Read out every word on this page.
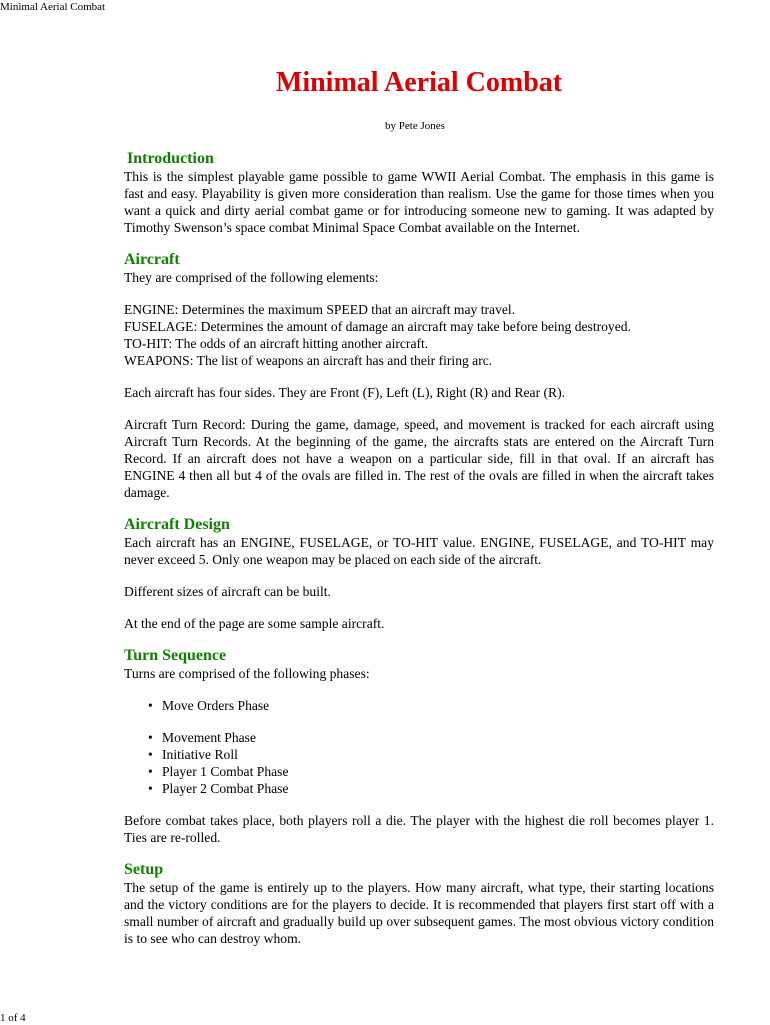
Minimal Aerial Combat
Minimal Aerial Combat
by Pete Jones
Introduction

This is the simplest playable game possible to game WWII Aerial Combat. The emphasis in this game is fast and easy. Playability is given more consideration than realism. Use the game for those times when you want a quick and dirty aerial combat game or for introducing someone new to gaming. It was adapted by Timothy Swenson’s space combat Minimal Space Combat available on the Internet.

Aircraft

They are comprised of the following elements:

ENGINE: Determines the maximum SPEED that an aircraft may travel.

FUSELAGE: Determines the amount of damage an aircraft may take before being destroyed.

TO-HIT: The odds of an aircraft hitting another aircraft.

WEAPONS: The list of weapons an aircraft has and their firing arc.

Each aircraft has four sides. They are Front (F), Left (L), Right (R) and Rear (R).

Aircraft Turn Record: During the game, damage, speed, and movement is tracked for each aircraft using Aircraft Turn Records. At the beginning of the game, the aircrafts stats are entered on the Aircraft Turn Record. If an aircraft does not have a weapon on a particular side, fill in that oval. If an aircraft has ENGINE 4 then all but 4 of the ovals are filled in. The rest of the ovals are filled in when the aircraft takes damage.

Aircraft Design

Each aircraft has an ENGINE, FUSELAGE, or TO-HIT value. ENGINE, FUSELAGE, and TO-HIT may never exceed 5. Only one weapon may be placed on each side of the aircraft.

Different sizes of aircraft can be built.

At the end of the page are some sample aircraft.

Turn Sequence

Turns are comprised of the following phases:

• Move Orders Phase
• Movement Phase
• Initiative Roll
• Player 1 Combat Phase
• Player 2 Combat Phase

Before combat takes place, both players roll a die. The player with the highest die roll becomes player 1. Ties are re-rolled.

Setup

The setup of the game is entirely up to the players. How many aircraft, what type, their starting locations and the victory conditions are for the players to decide. It is recommended that players first start off with a small number of aircraft and gradually build up over subsequent games. The most obvious victory condition is to see who can destroy whom.

1 of 4
